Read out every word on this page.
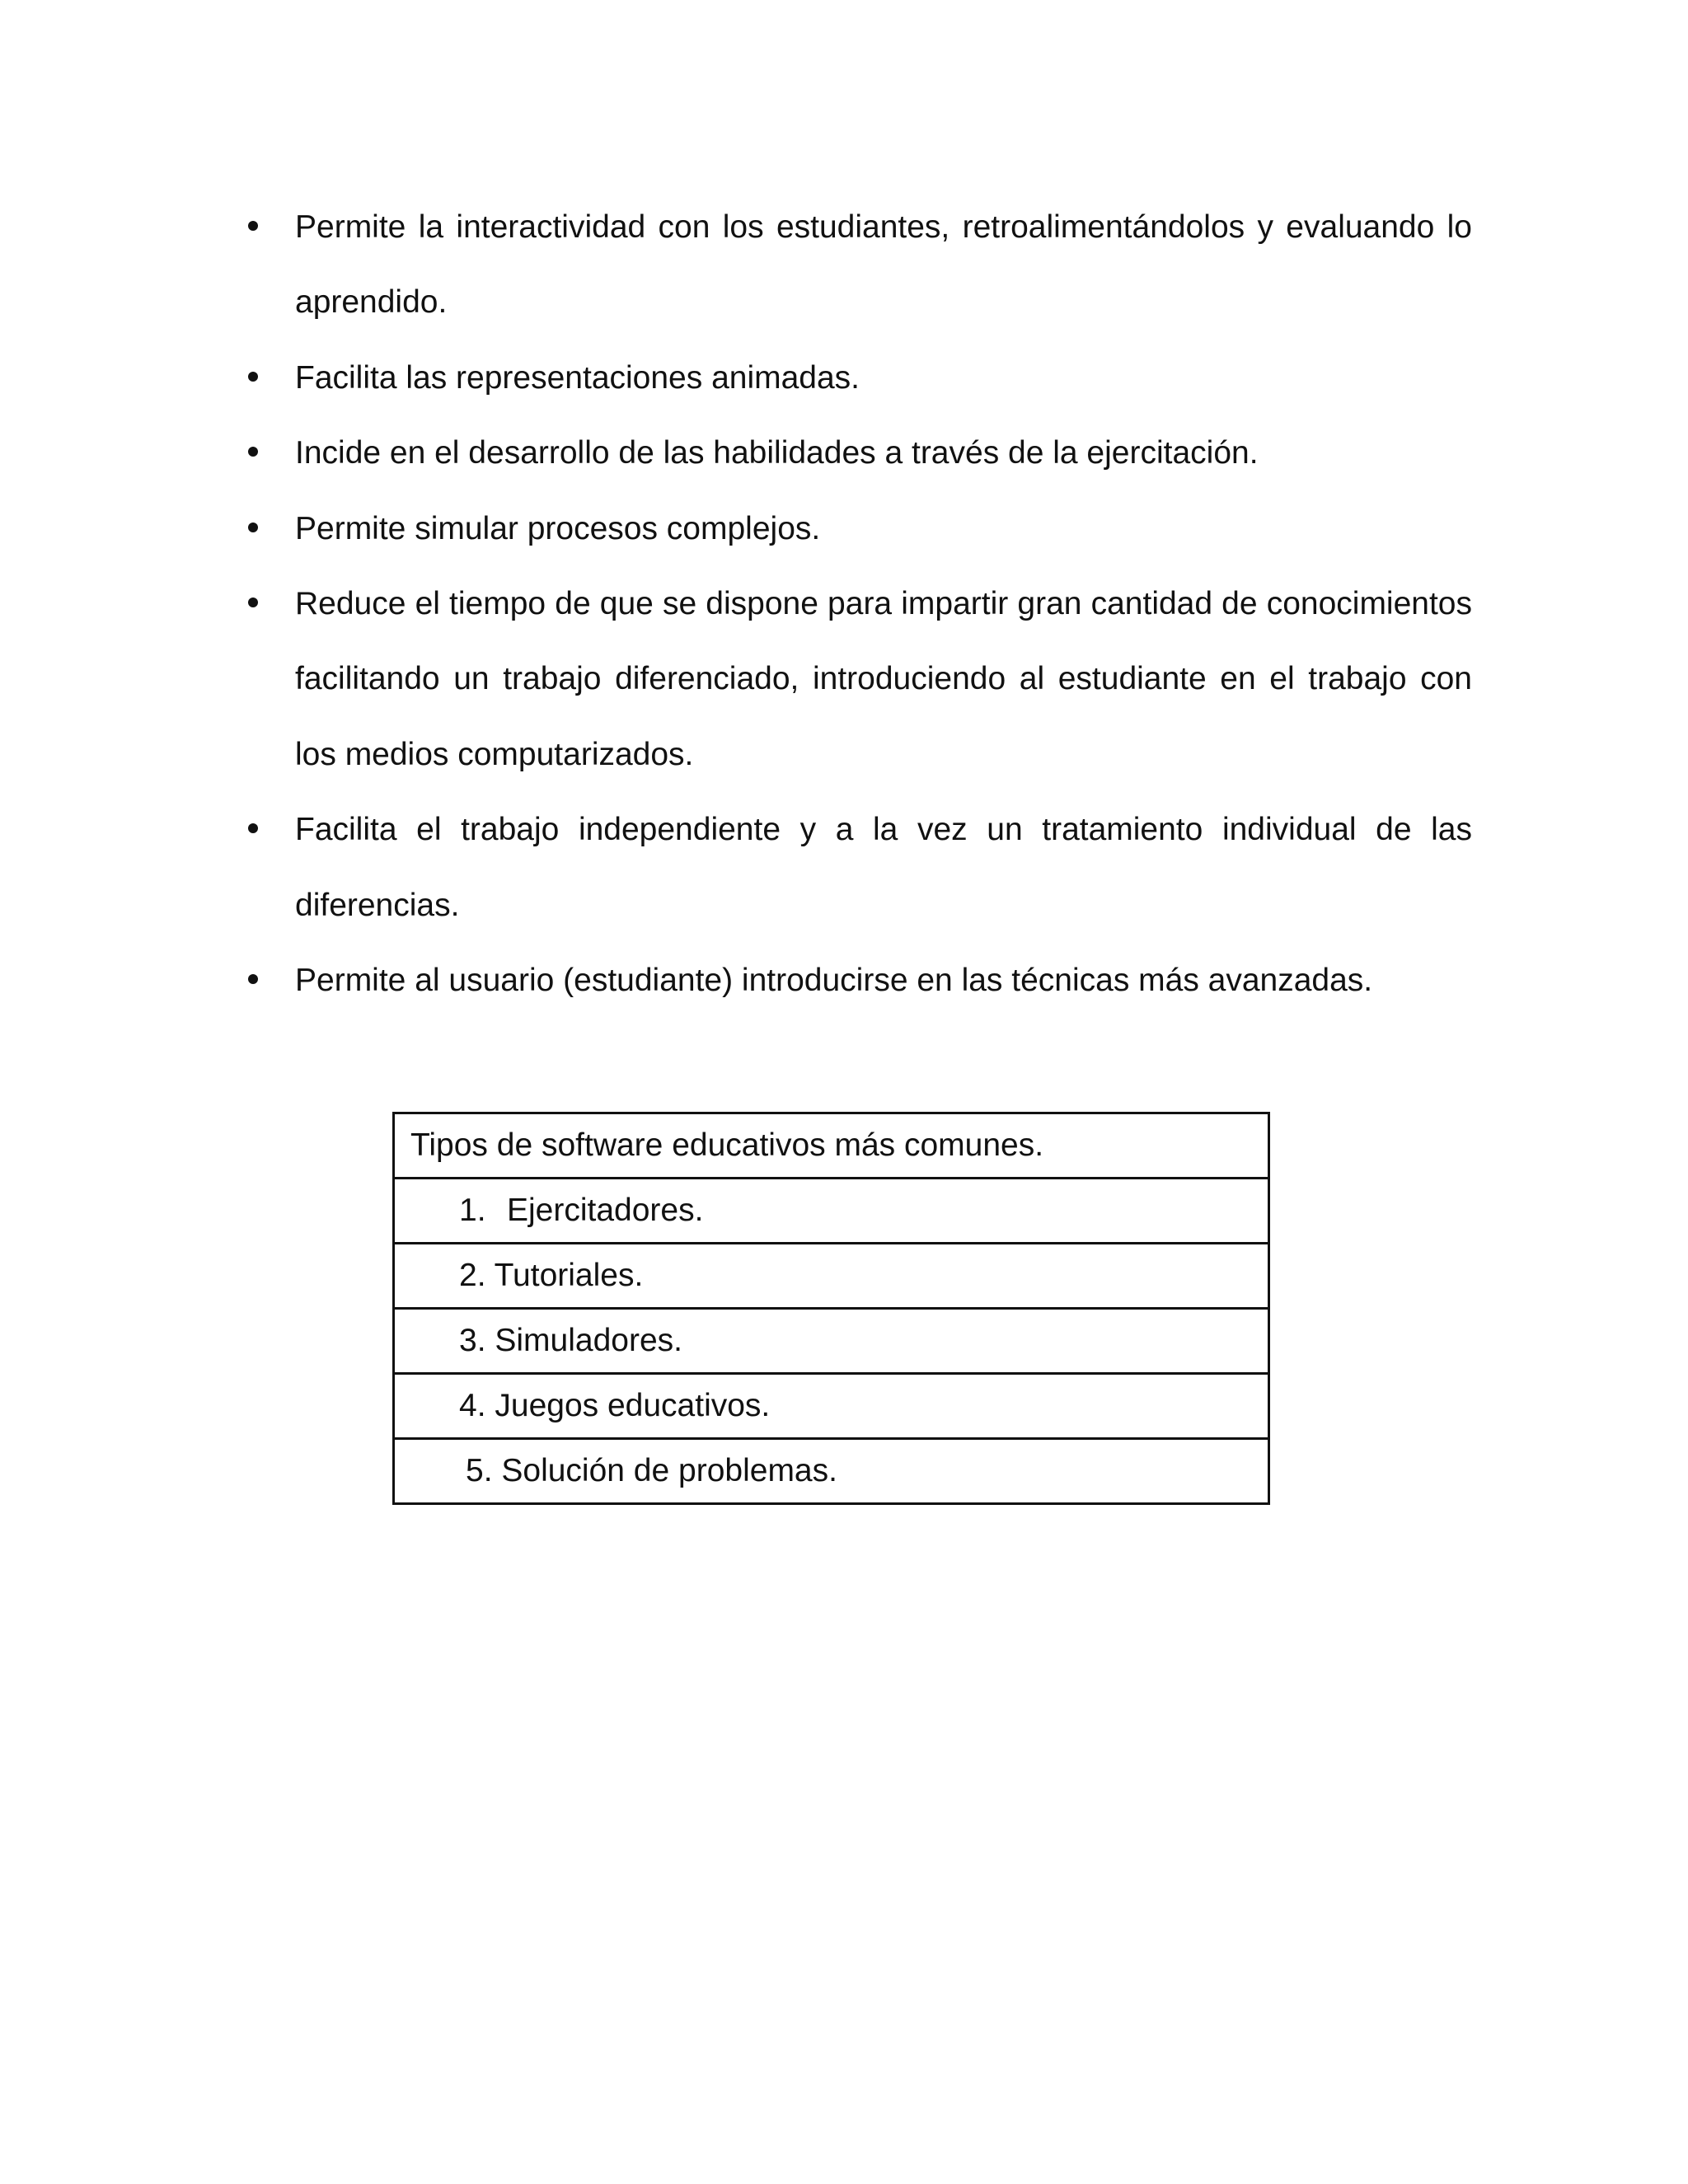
Permite la interactividad con los estudiantes, retroalimentándolos y evaluando lo aprendido.
Facilita las representaciones animadas.
Incide en el desarrollo de las habilidades a través de la ejercitación.
Permite simular procesos complejos.
Reduce el tiempo de que se dispone para impartir gran cantidad de conocimientos facilitando un trabajo diferenciado, introduciendo al estudiante en el trabajo con los medios computarizados.
Facilita el trabajo independiente y a la vez un tratamiento individual de las diferencias.
Permite al usuario (estudiante) introducirse en las técnicas más avanzadas.
Tipos de software educativos más comunes.
1. Ejercitadores.
2. Tutoriales.
3. Simuladores.
4. Juegos educativos.
5. Solución de problemas.
